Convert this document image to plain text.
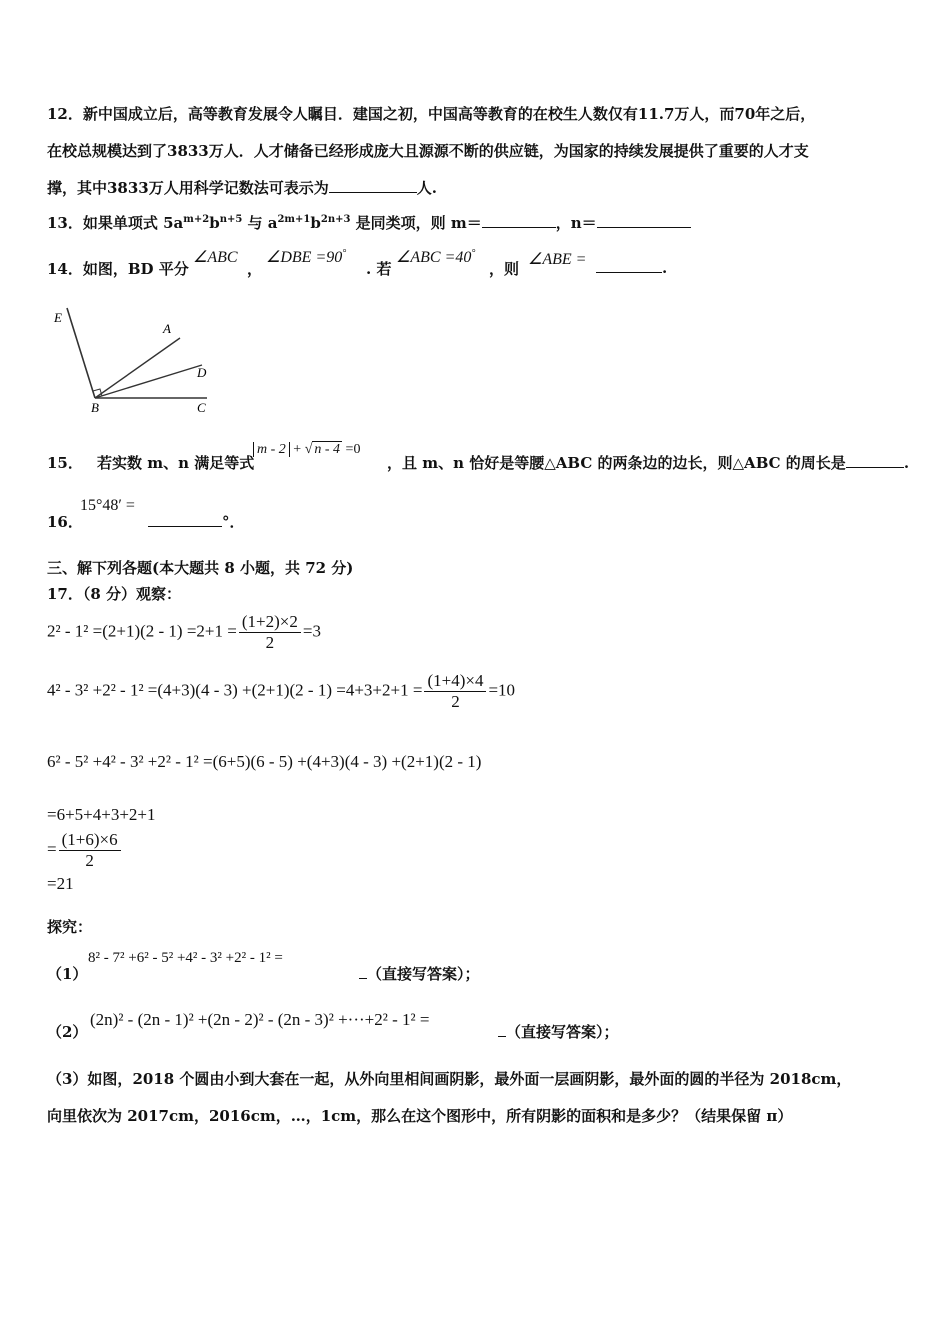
12．新中国成立后，高等教育发展令人瞩目．建国之初，中国高等教育的在校生人数仅有11.7万人，而70年之后，
在校总规模达到了3833万人．人才储备已经形成庞大且源源不断的供应链，为国家的持续发展提供了重要的人才支
撑，其中3833万人用科学记数法可表示为	人.
13．如果单项式 $5a^{m+2}b^{n+5}$ 与 $a^{2m+1}b^{2n+3}$ 是同类项，则 m＝	，n＝
14．如图，BD 平分
∠ABC
，
∠DBE =90°
. 若
∠ABC =40°
，则
∠ABE =	.
E
A
D
B	C
15． 若实数 m、n 满足等式
m - 2 + √ n - 4 =0
，且 m、n 恰好是等腰△ABC 的两条边的边长，则△ABC 的周长是	.
16．
15°48′ =
°．
三、解下列各题(本大题共 8 小题，共 72 分)
17．（8 分）观察：
$2^2 - 1^2 =(2+1)(2 - 1) =2+1 = \frac{(1+2)\times 2}{2} =3$
$4^2 - 3^2 +2^2 - 1^2 =(4+3)(4 - 3) +(2+1)(2 - 1) =4+3+2+1 = \frac{(1+4)\times 4}{2} =10$
6² - 5² +4² - 3² +2² - 1² =(6+5)(6 - 5) +(4+3)(4 - 3) +(2+1)(2 - 1)
=6+5+4+3+2+1
= $\frac{(1+6)\times 6}{2}$
=21
探究：
（1）
8² - 7² +6² - 5² +4² - 3² +2² - 1² =
（直接写答案）；
（2）
(2n)² - (2n - 1)² +(2n - 2)² - (2n - 3)² +···+2² - 1² =
（直接写答案）；
（3）如图，2018 个圆由小到大套在一起，从外向里相间画阴影，最外面一层画阴影，最外面的圆的半径为 2018cm，
向里依次为 2017cm，2016cm，…，1cm，那么在这个图形中，所有阴影的面积和是多少？（结果保留 π）
